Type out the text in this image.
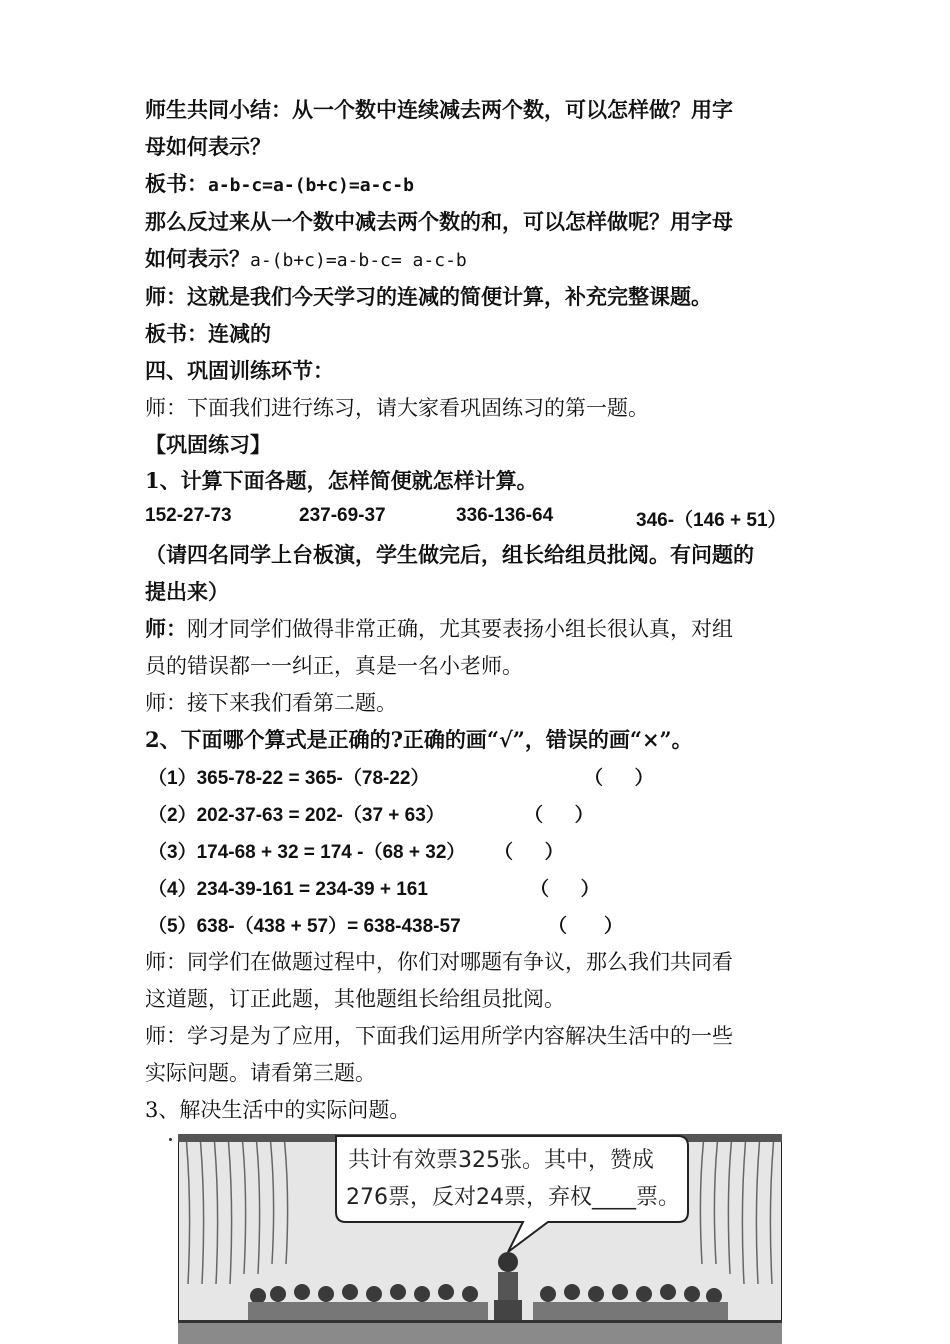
师生共同小结：从一个数中连续减去两个数，可以怎样做？用字
母如何表示？
板书：a-b-c=a-(b+c)=a-c-b
那么反过来从一个数中减去两个数的和，可以怎样做呢？用字母
如何表示？a-(b+c)=a-b-c= a-c-b
师：这就是我们今天学习的连减的简便计算，补充完整课题。
板书：连减的
四、巩固训练环节：
师：下面我们进行练习，请大家看巩固练习的第一题。
【巩固练习】
1、计算下面各题，怎样简便就怎样计算。
152-27-73	237-69-37	336-136-64	346-（146 + 51）
（请四名同学上台板演，学生做完后，组长给组员批阅。有问题的
提出来）
师：刚才同学们做得非常正确，尤其要表扬小组长很认真，对组
员的错误都一一纠正，真是一名小老师。
师：接下来我们看第二题。
2、下面哪个算式是正确的?正确的画“√”，错误的画“×”。
（1）365-78-22 = 365-（78-22）	（      ）
（2）202-37-63 = 202-（37 + 63）	（      ）
（3）174-68 + 32 = 174 -（68 + 32） （      ）
（4）234-39-161 = 234-39 + 161	（      ）
（5）638-（438 + 57）= 638-438-57	（       ）
师：同学们在做题过程中，你们对哪题有争议，那么我们共同看
这道题，订正此题，其他题组长给组员批阅。
师：学习是为了应用，下面我们运用所学内容解决生活中的一些
实际问题。请看第三题。
3、解决生活中的实际问题。
共计有效票325张。其中，赞成
276票，反对24票，弃权____票。
